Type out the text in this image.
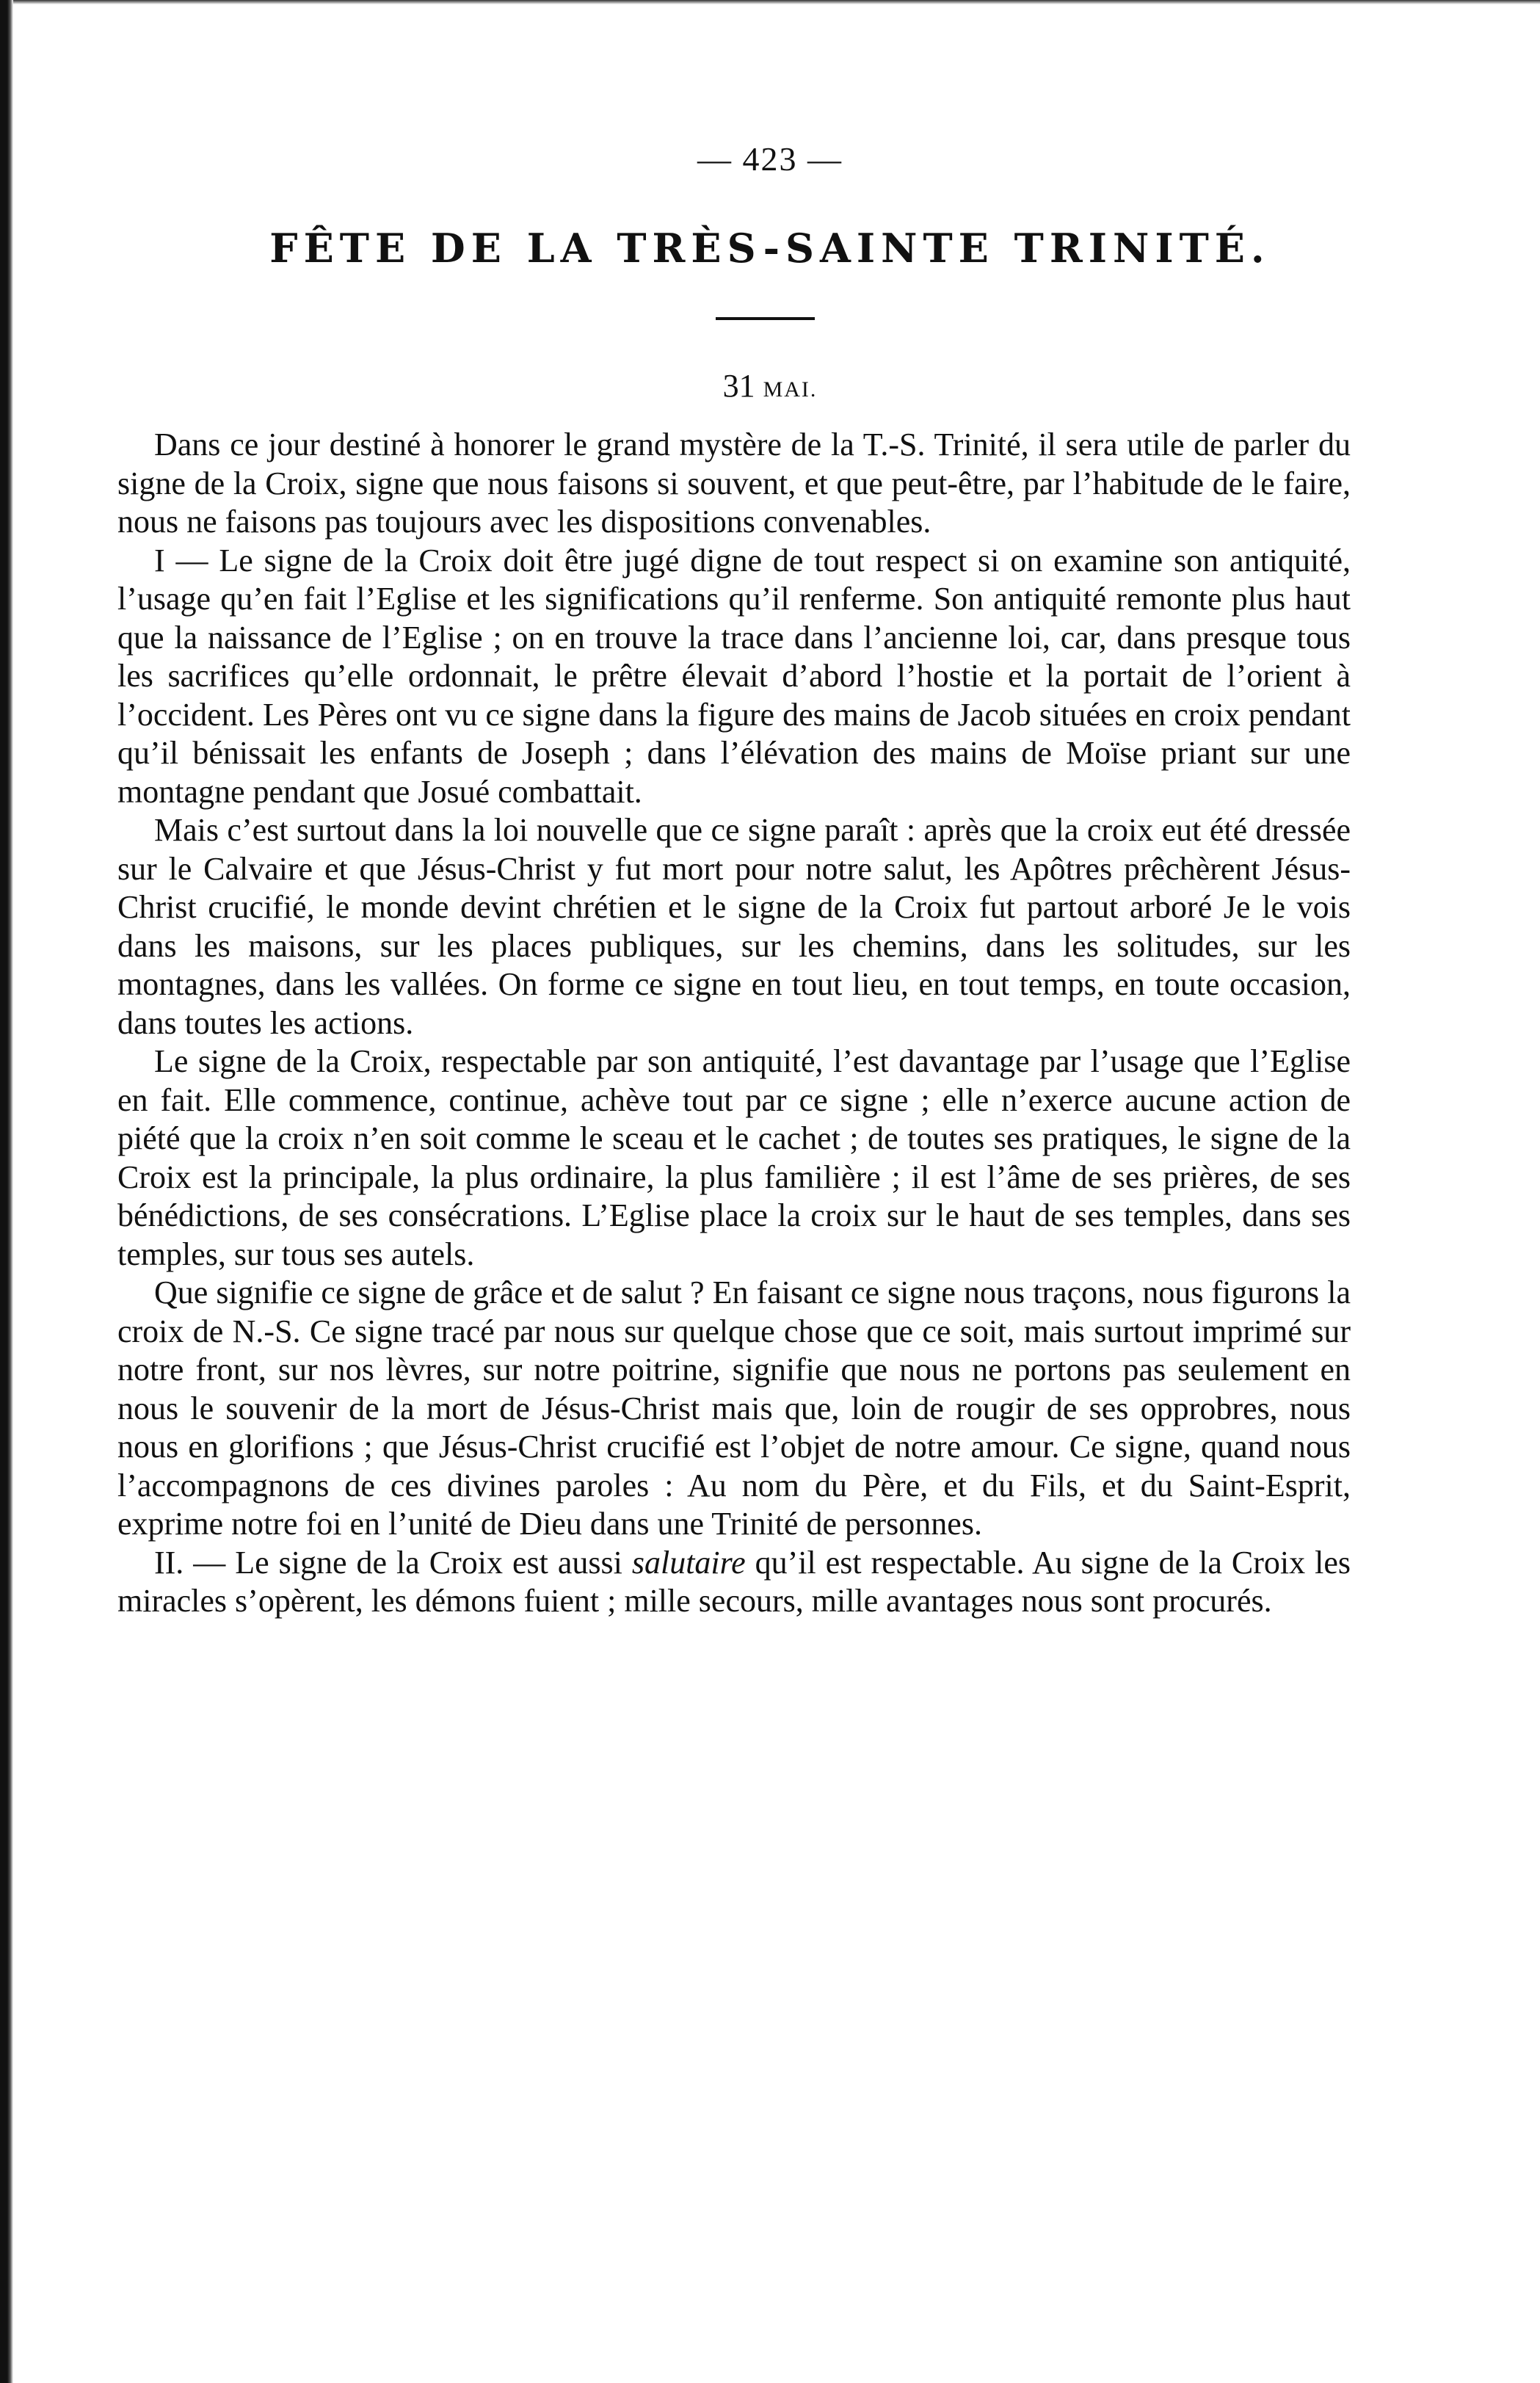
— 423 —
FÊTE DE LA TRÈS-SAINTE TRINITÉ.
31 MAI.

Dans ce jour destiné à honorer le grand mystère de la T.-S. Trinité, il sera utile de parler du signe de la Croix, signe que nous faisons si souvent, et que peut-être, par l’habitude de le faire, nous ne faisons pas toujours avec les dispositions convenables.

I — Le signe de la Croix doit être jugé digne de tout respect si on examine son antiquité, l’usage qu’en fait l’Eglise et les significations qu’il renferme. Son antiquité remonte plus haut que la naissance de l’Eglise ; on en trouve la trace dans l’ancienne loi, car, dans presque tous les sacrifices qu’elle ordonnait, le prêtre élevait d’abord l’hostie et la portait de l’orient à l’occident. Les Pères ont vu ce signe dans la figure des mains de Jacob situées en croix pendant qu’il bénissait les enfants de Joseph ; dans l’élévation des mains de Moïse priant sur une montagne pendant que Josué combattait.

Mais c’est surtout dans la loi nouvelle que ce signe paraît : après que la croix eut été dressée sur le Calvaire et que Jésus-Christ y fut mort pour notre salut, les Apôtres prêchèrent Jésus-Christ crucifié, le monde devint chrétien et le signe de la Croix fut partout arboré Je le vois dans les maisons, sur les places publiques, sur les chemins, dans les solitudes, sur les montagnes, dans les vallées. On forme ce signe en tout lieu, en tout temps, en toute occasion, dans toutes les actions.

Le signe de la Croix, respectable par son antiquité, l’est davantage par l’usage que l’Eglise en fait. Elle commence, continue, achève tout par ce signe ; elle n’exerce aucune action de piété que la croix n’en soit comme le sceau et le cachet ; de toutes ses pratiques, le signe de la Croix est la principale, la plus ordinaire, la plus familière ; il est l’âme de ses prières, de ses bénédictions, de ses consécrations. L’Eglise place la croix sur le haut de ses temples, dans ses temples, sur tous ses autels.

Que signifie ce signe de grâce et de salut ? En faisant ce signe nous traçons, nous figurons la croix de N.-S. Ce signe tracé par nous sur quelque chose que ce soit, mais surtout imprimé sur notre front, sur nos lèvres, sur notre poitrine, signifie que nous ne portons pas seulement en nous le souvenir de la mort de Jésus-Christ mais que, loin de rougir de ses opprobres, nous nous en glorifions ; que Jésus-Christ crucifié est l’objet de notre amour. Ce signe, quand nous l’accompagnons de ces divines paroles : Au nom du Père, et du Fils, et du Saint-Esprit, exprime notre foi en l’unité de Dieu dans une Trinité de personnes.

II. — Le signe de la Croix est aussi salutaire qu’il est respectable. Au signe de la Croix les miracles s’opèrent, les démons fuient ; mille secours, mille avantages nous sont procurés.
